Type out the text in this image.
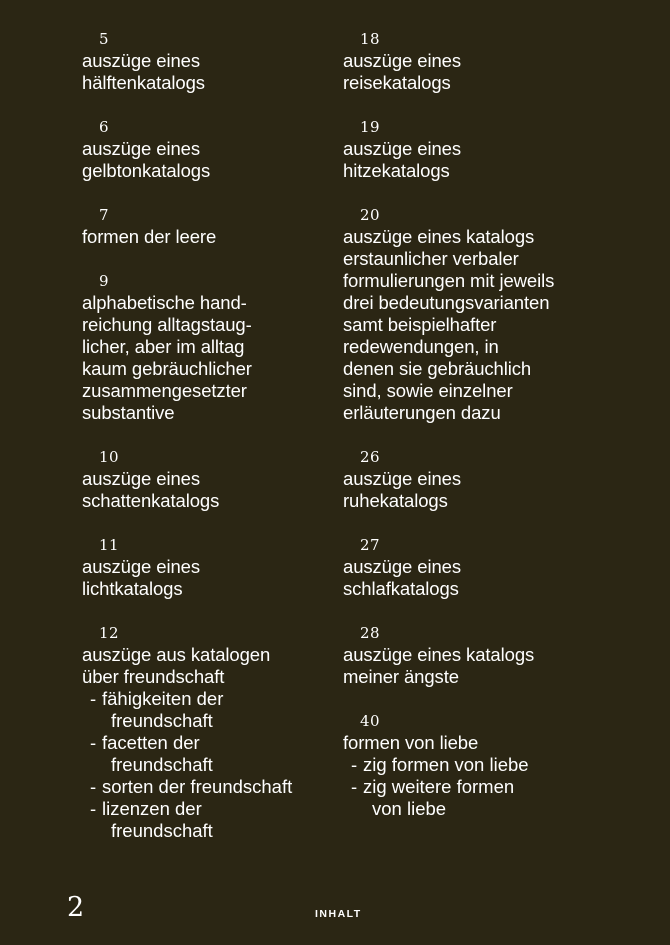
5
auszüge eines
hälftenkatalogs
6
auszüge eines
gelbtonkatalogs
7
formen der leere
9
alphabetische hand-
reichung alltagstaug-
licher, aber im alltag
kaum gebräuchlicher
zusammengesetzter
substantive
10
auszüge eines
schattenkatalogs
11
auszüge eines
lichtkatalogs
12
auszüge aus katalogen
über freundschaft
- fähigkeiten der
freundschaft
- facetten der
freundschaft
- sorten der freundschaft
- lizenzen der
freundschaft
18
auszüge eines
reisekatalogs
19
auszüge eines
hitzekatalogs
20
auszüge eines katalogs
erstaunlicher verbaler
formulierungen mit jeweils
drei bedeutungsvarianten
samt beispielhafter
redewendungen, in
denen sie gebräuchlich
sind, sowie einzelner
erläuterungen dazu
26
auszüge eines
ruhekatalogs
27
auszüge eines
schlafkatalogs
28
auszüge eines katalogs
meiner ängste
40
formen von liebe
- zig formen von liebe
- zig weitere formen
von liebe
2	INHALT
